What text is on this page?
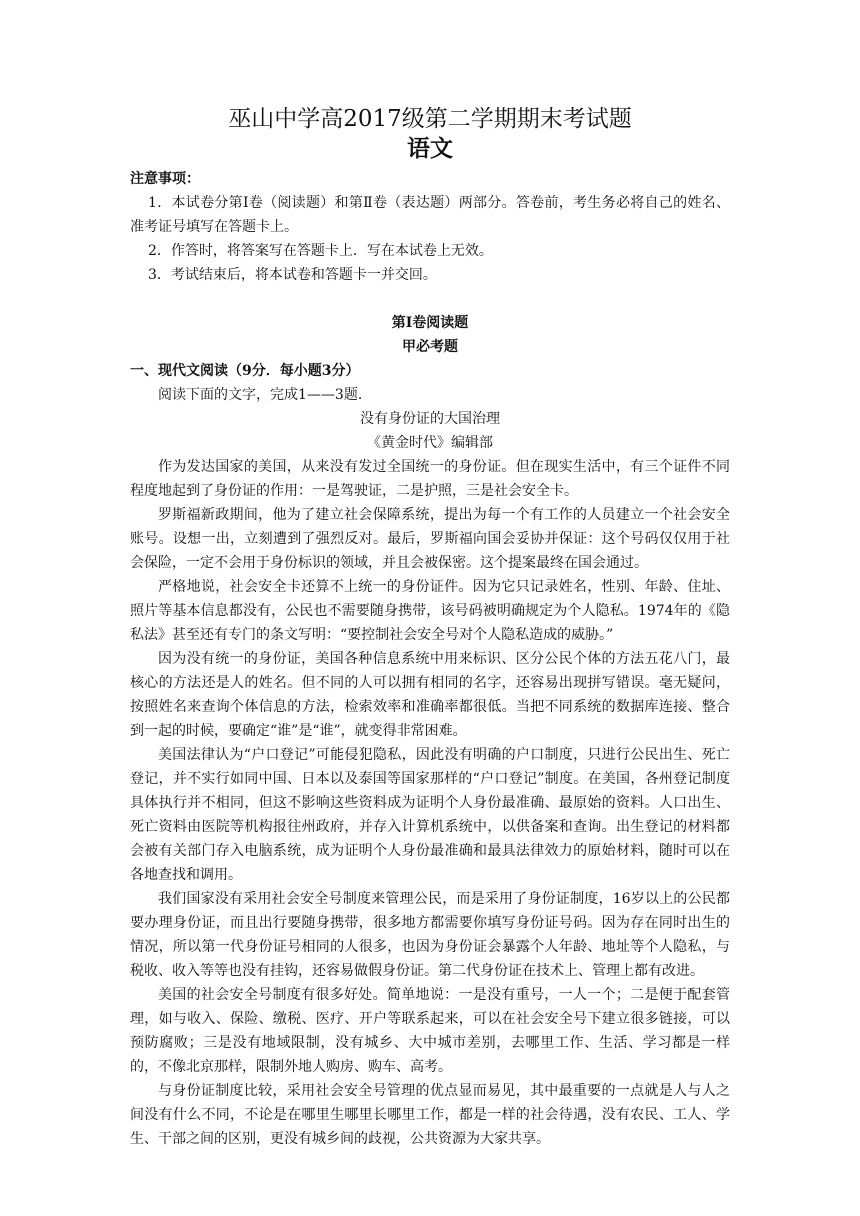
巫山中学高2017级第二学期期末考试题

语文

注意事项：

1．本试卷分第Ⅰ卷（阅读题）和第Ⅱ卷（表达题）两部分。答卷前，考生务必将自己的姓名、准考证号填写在答题卡上。

2．作答时，将答案写在答题卡上．写在本试卷上无效。

3．考试结束后，将本试卷和答题卡一并交回。

第Ⅰ卷阅读题

甲必考题

一、现代文阅读（9分．每小题3分）

阅读下面的文字，完成1——3题．

没有身份证的大国治理

《黄金时代》编辑部

作为发达国家的美国，从来没有发过全国统一的身份证。但在现实生活中，有三个证件不同程度地起到了身份证的作用：一是驾驶证，二是护照，三是社会安全卡。

罗斯福新政期间，他为了建立社会保障系统，提出为每一个有工作的人员建立一个社会安全账号。设想一出，立刻遭到了强烈反对。最后，罗斯福向国会妥协并保证：这个号码仅仅用于社会保险，一定不会用于身份标识的领域，并且会被保密。这个提案最终在国会通过。

严格地说，社会安全卡还算不上统一的身份证件。因为它只记录姓名，性别、年龄、住址、照片等基本信息都没有，公民也不需要随身携带，该号码被明确规定为个人隐私。1974年的《隐私法》甚至还有专门的条文写明：“要控制社会安全号对个人隐私造成的威胁。”

因为没有统一的身份证，美国各种信息系统中用来标识、区分公民个体的方法五花八门，最核心的方法还是人的姓名。但不同的人可以拥有相同的名字，还容易出现拼写错误。毫无疑问，按照姓名来查询个体信息的方法，检索效率和准确率都很低。当把不同系统的数据库连接、整合到一起的时候，要确定“谁”是“谁”，就变得非常困难。

美国法律认为“户口登记”可能侵犯隐私，因此没有明确的户口制度，只进行公民出生、死亡登记，并不实行如同中国、日本以及泰国等国家那样的“户口登记”制度。在美国，各州登记制度具体执行并不相同，但这不影响这些资料成为证明个人身份最准确、最原始的资料。人口出生、死亡资料由医院等机构报往州政府，并存入计算机系统中，以供备案和查询。出生登记的材料都会被有关部门存入电脑系统，成为证明个人身份最准确和最具法律效力的原始材料，随时可以在各地查找和调用。

我们国家没有采用社会安全号制度来管理公民，而是采用了身份证制度，16岁以上的公民都要办理身份证，而且出行要随身携带，很多地方都需要你填写身份证号码。因为存在同时出生的情况，所以第一代身份证号相同的人很多，也因为身份证会暴露个人年龄、地址等个人隐私，与税收、收入等等也没有挂钩，还容易做假身份证。第二代身份证在技术上、管理上都有改进。

美国的社会安全号制度有很多好处。简单地说：一是没有重号，一人一个；二是便于配套管理，如与收入、保险、缴税、医疗、开户等联系起来，可以在社会安全号下建立很多链接，可以预防腐败；三是没有地域限制，没有城乡、大中城市差别，去哪里工作、生活、学习都是一样的，不像北京那样，限制外地人购房、购车、高考。

与身份证制度比较，采用社会安全号管理的优点显而易见，其中最重要的一点就是人与人之间没有什么不同，不论是在哪里生哪里长哪里工作，都是一样的社会待遇，没有农民、工人、学生、干部之间的区别，更没有城乡间的歧视，公共资源为大家共享。
